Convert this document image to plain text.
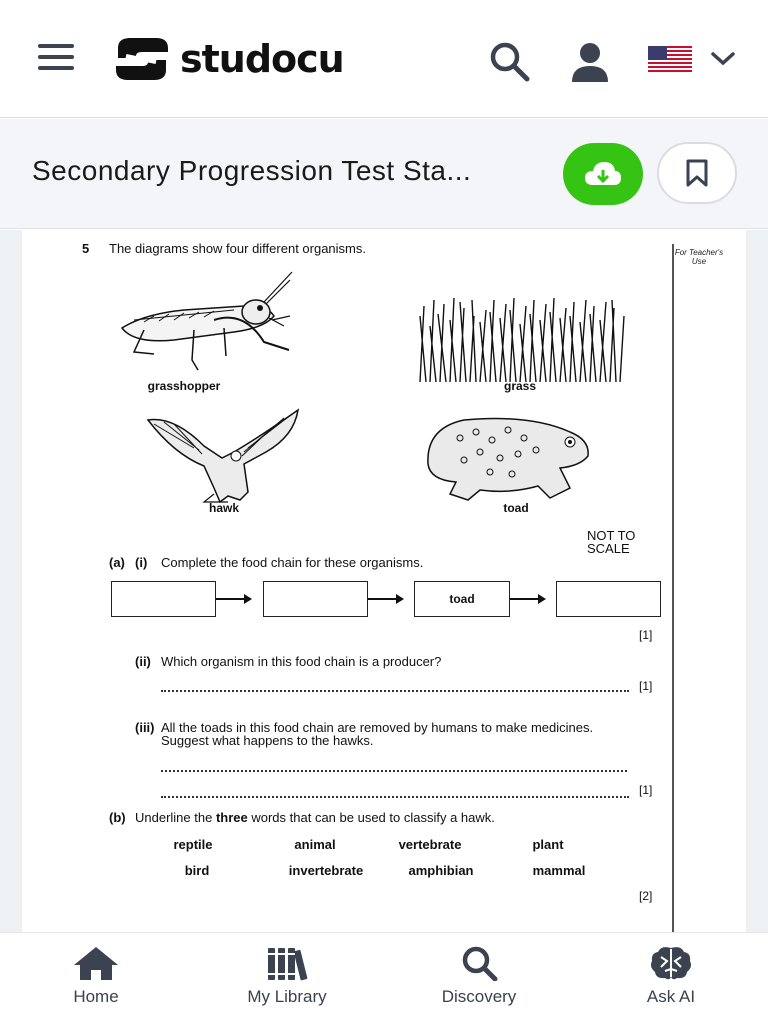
studocu
Secondary Progression Test Sta...
For Teacher's Use
5 The diagrams show four different organisms.
grasshopper	grass
hawk	toad
NOT TO
SCALE
(a) (i) Complete the food chain for these organisms.
toad
[1]
(ii) Which organism in this food chain is a producer?
[1]
(iii) All the toads in this food chain are removed by humans to make medicines.
Suggest what happens to the hawks.
[1]
(b) Underline the three words that can be used to classify a hawk.
reptile	animal	vertebrate	plant
bird	invertebrate	amphibian	mammal
[2]
Home	My Library	Discovery	Ask AI
